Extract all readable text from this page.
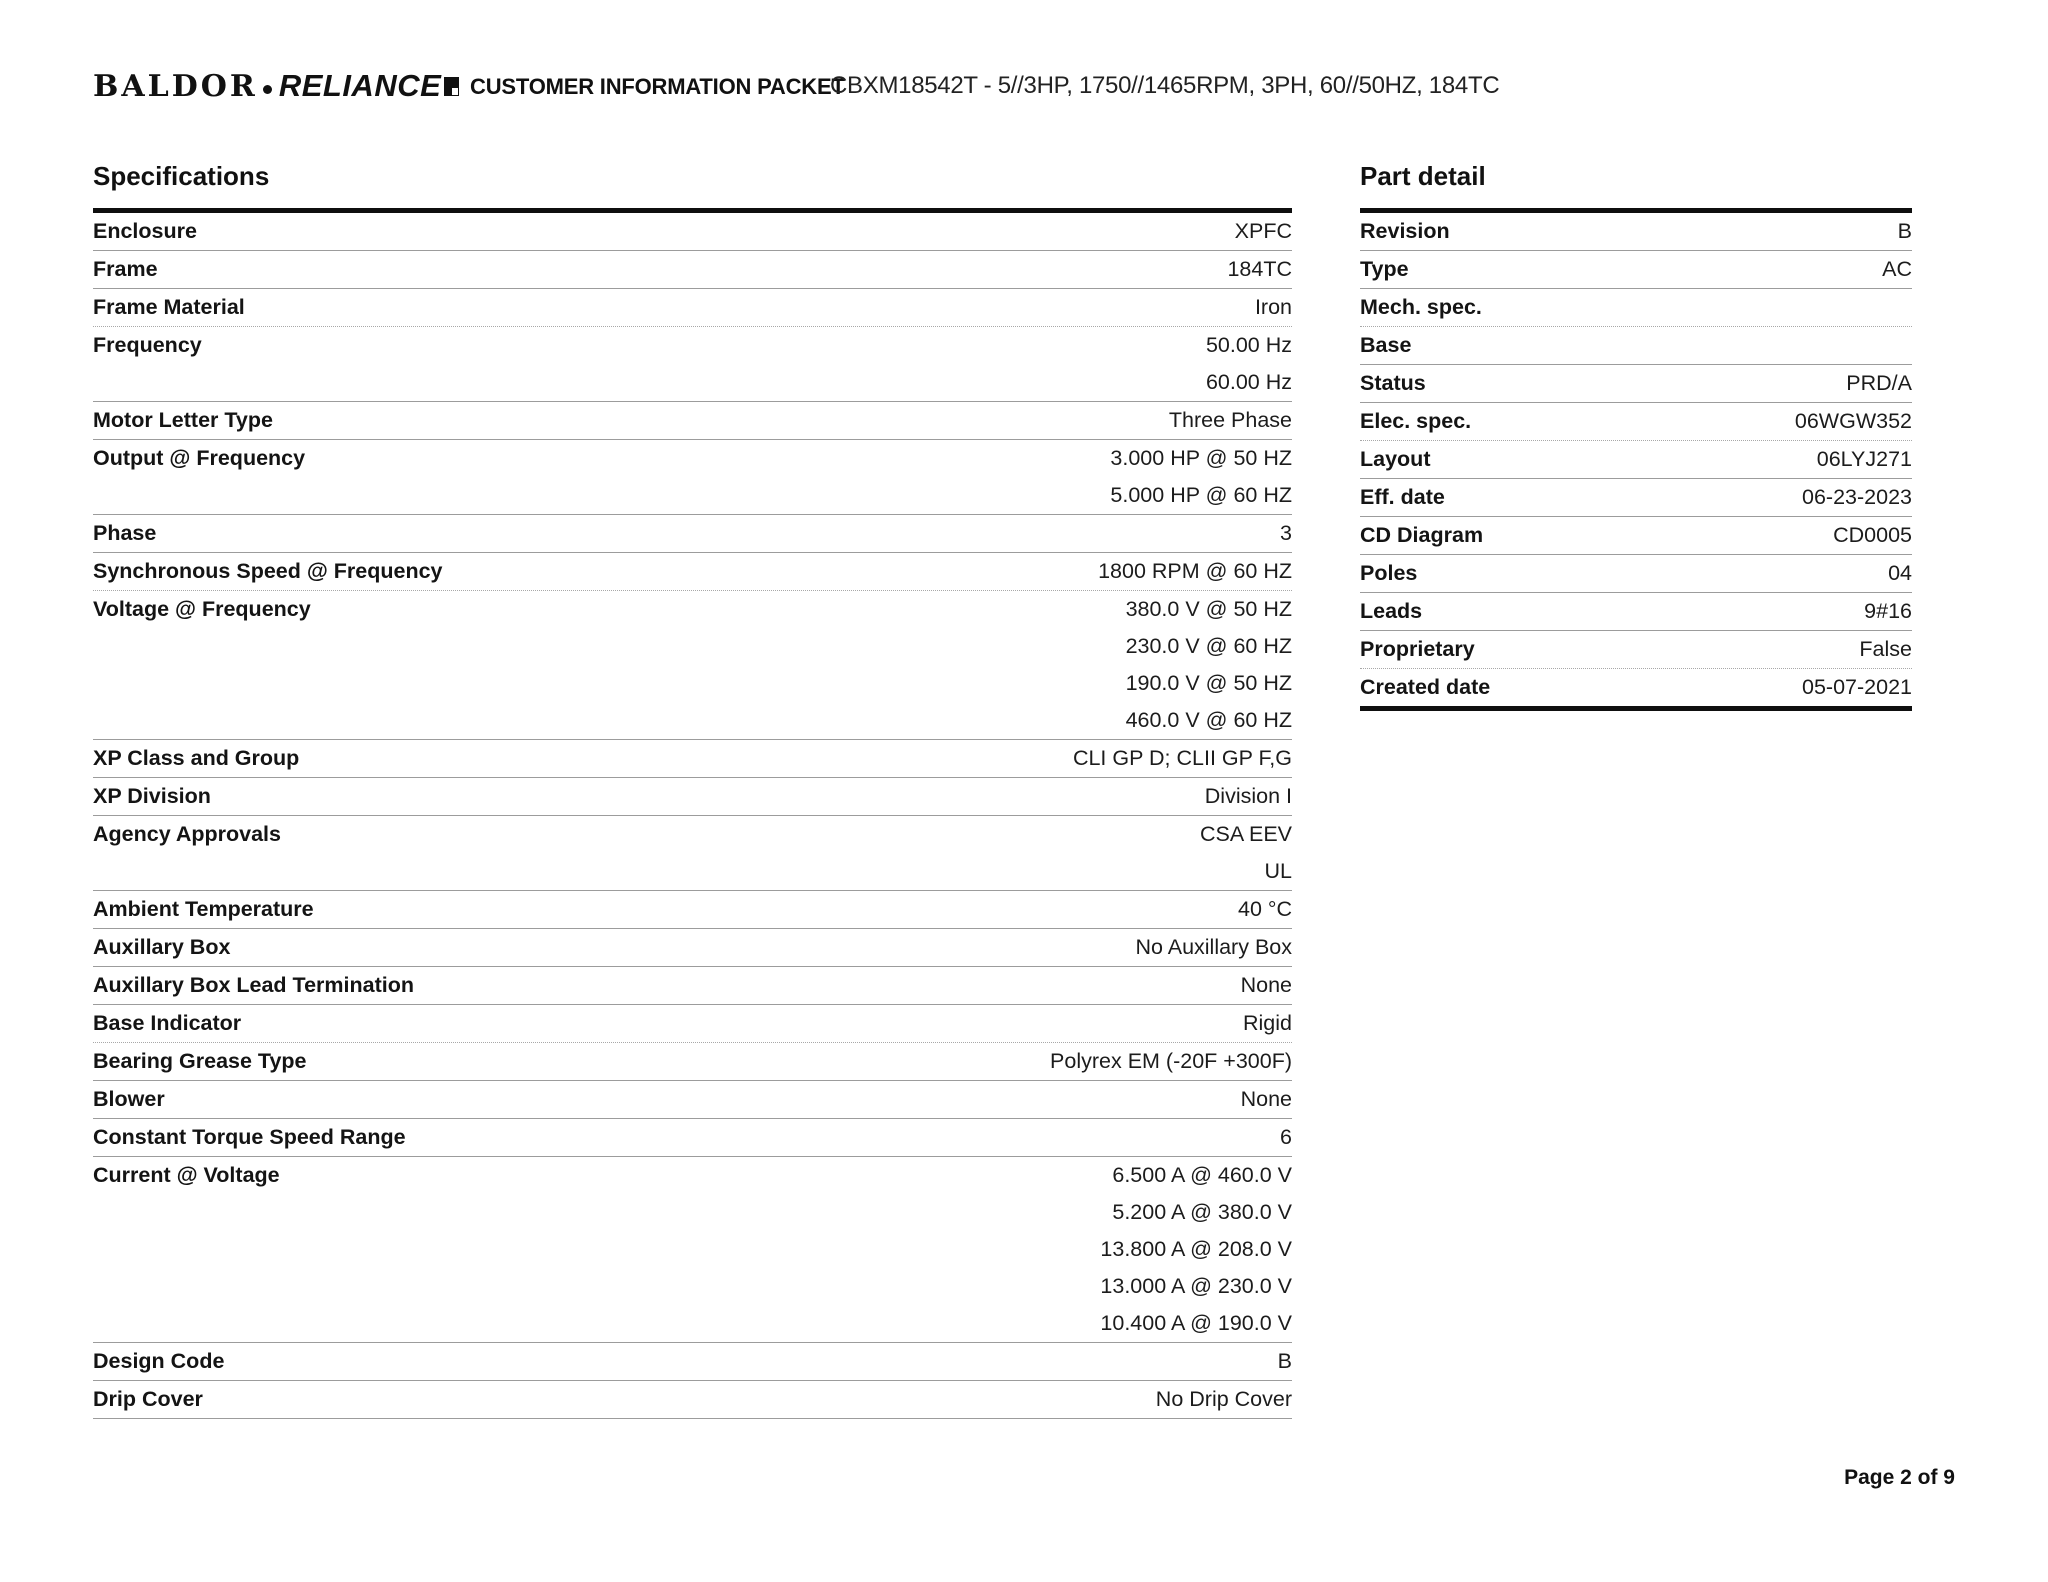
BALDOR RELIANCE	CUSTOMER INFORMATION PACKET
CBXM18542T - 5//3HP, 1750//1465RPM, 3PH, 60//50HZ, 184TC
Specifications
Enclosure	XPFC
Frame	184TC
Frame Material	Iron
Frequency	50.00 Hz
60.00 Hz
Motor Letter Type	Three Phase
Output @ Frequency	3.000 HP @ 50 HZ
5.000 HP @ 60 HZ
Phase	3
Synchronous Speed @ Frequency	1800 RPM @ 60 HZ
Voltage @ Frequency	380.0 V @ 50 HZ
230.0 V @ 60 HZ
190.0 V @ 50 HZ
460.0 V @ 60 HZ
XP Class and Group	CLI GP D; CLII GP F,G
XP Division	Division I
Agency Approvals	CSA EEV
UL
Ambient Temperature	40 °C
Auxillary Box	No Auxillary Box
Auxillary Box Lead Termination	None
Base Indicator	Rigid
Bearing Grease Type	Polyrex EM (-20F +300F)
Blower	None
Constant Torque Speed Range	6
Current @ Voltage	6.500 A @ 460.0 V
5.200 A @ 380.0 V
13.800 A @ 208.0 V
13.000 A @ 230.0 V
10.400 A @ 190.0 V
Design Code	B
Drip Cover	No Drip Cover
Part detail
Revision	B
Type	AC
Mech. spec.
Base
Status	PRD/A
Elec. spec.	06WGW352
Layout	06LYJ271
Eff. date	06-23-2023
CD Diagram	CD0005
Poles	04
Leads	9#16
Proprietary	False
Created date	05-07-2021
Page 2 of 9
